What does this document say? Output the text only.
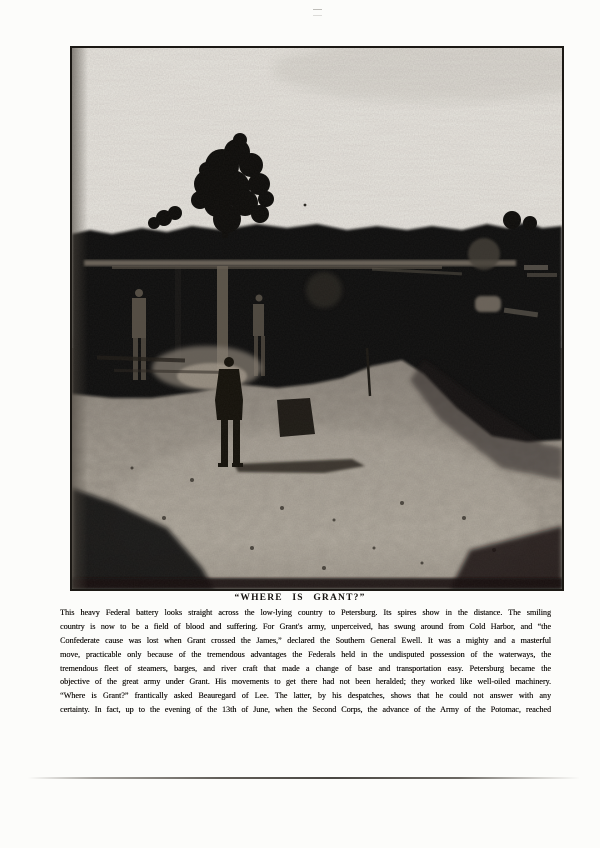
“WHERE IS GRANT?”
This heavy Federal battery looks straight across the low-lying country to Petersburg. Its spires show in the distance. The smiling
country is now to be a field of blood and suffering. For Grant's army, unperceived, has swung around from Cold Harbor, and “the
Confederate cause was lost when Grant crossed the James,” declared the Southern General Ewell. It was a mighty and a masterful
move, practicable only because of the tremendous advantages the Federals held in the undisputed possession of the waterways, the
tremendous fleet of steamers, barges, and river craft that made a change of base and transportation easy. Petersburg became the
objective of the great army under Grant. His movements to get there had not been heralded; they worked like well-oiled machinery.
“Where is Grant?” frantically asked Beauregard of Lee. The latter, by his despatches, shows that he could not answer with any
certainty. In fact, up to the evening of the 13th of June, when the Second Corps, the advance of the Army of the Potomac, reached
